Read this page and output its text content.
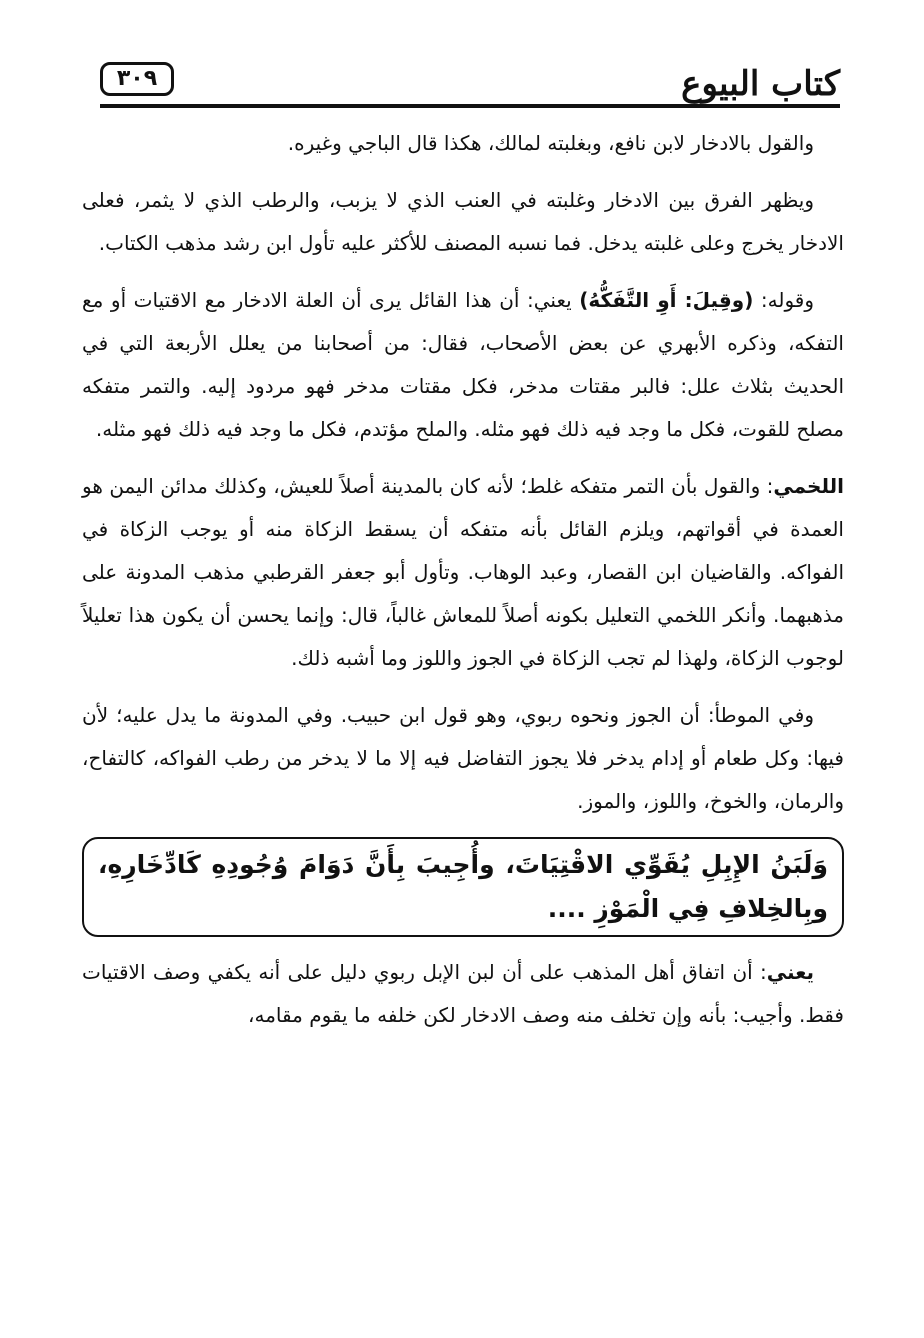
كتاب البيوع
٣٠٩

والقول بالادخار لابن نافع، وبغلبته لمالك، هكذا قال الباجي وغيره.

ويظهر الفرق بين الادخار وغلبته في العنب الذي لا يزبب، والرطب الذي لا يثمر، فعلى الادخار يخرج وعلى غلبته يدخل. فما نسبه المصنف للأكثر عليه تأول ابن رشد مذهب الكتاب.

وقوله: (وقِيلَ: أَوِ التَّفَكُّهُ) يعني: أن هذا القائل يرى أن العلة الادخار مع الاقتيات أو مع التفكه، وذكره الأبهري عن بعض الأصحاب، فقال: من أصحابنا من يعلل الأربعة التي في الحديث بثلاث علل: فالبر مقتات مدخر، فكل مقتات مدخر فهو مردود إليه. والتمر متفكه مصلح للقوت، فكل ما وجد فيه ذلك فهو مثله. والملح مؤتدم، فكل ما وجد فيه ذلك فهو مثله.

اللخمي: والقول بأن التمر متفكه غلط؛ لأنه كان بالمدينة أصلاً للعيش، وكذلك مدائن اليمن هو العمدة في أقواتهم، ويلزم القائل بأنه متفكه أن يسقط الزكاة منه أو يوجب الزكاة في الفواكه. والقاضيان ابن القصار، وعبد الوهاب. وتأول أبو جعفر القرطبي مذهب المدونة على مذهبهما. وأنكر اللخمي التعليل بكونه أصلاً للمعاش غالباً، قال: وإنما يحسن أن يكون هذا تعليلاً لوجوب الزكاة، ولهذا لم تجب الزكاة في الجوز واللوز وما أشبه ذلك.

وفي الموطأ: أن الجوز ونحوه ربوي، وهو قول ابن حبيب. وفي المدونة ما يدل عليه؛ لأن فيها: وكل طعام أو إدام يدخر فلا يجوز التفاضل فيه إلا ما لا يدخر من رطب الفواكه، كالتفاح، والرمان، والخوخ، واللوز، والموز.

وَلَبَنُ الإِبِلِ يُقَوِّي الاقْتِيَاتَ، وأُجِيبَ بِأَنَّ دَوَامَ وُجُودِهِ كَادِّخَارِهِ، وبِالخِلافِ فِي الْمَوْزِ ....

يعني: أن اتفاق أهل المذهب على أن لبن الإبل ربوي دليل على أنه يكفي وصف الاقتيات فقط. وأجيب: بأنه وإن تخلف منه وصف الادخار لكن خلفه ما يقوم مقامه،
